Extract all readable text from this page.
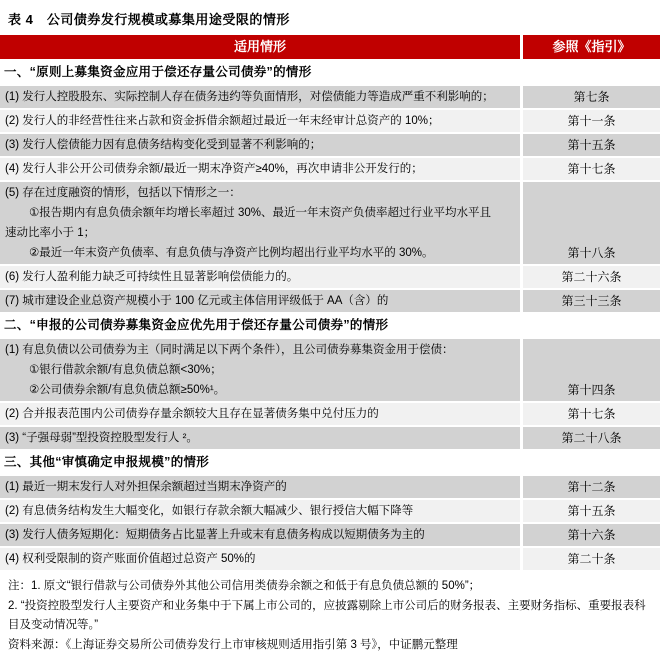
表 4　公司债券发行规模或募集用途受限的情形
适用情形	参照《指引》
一、“原则上募集资金应用于偿还存量公司债券”的情形
(1) 发行人控股股东、实际控制人存在债务违约等负面情形，对偿债能力等造成严重不利影响的；	第七条
(2) 发行人的非经营性往来占款和资金拆借余额超过最近一年末经审计总资产的 10%；	第十一条
(3) 发行人偿债能力因有息债务结构变化受到显著不利影响的；	第十五条
(4) 发行人非公开公司债券余额/最近一期末净资产≥40%，再次申请非公开发行的；	第十七条
(5) 存在过度融资的情形，包括以下情形之一：
①报告期内有息负债余额年均增长率超过 30%、最近一年末资产负债率超过行业平均水平且
速动比率小于 1；
②最近一年末资产负债率、有息负债与净资产比例均超出行业平均水平的 30%。	第十八条
(6) 发行人盈利能力缺乏可持续性且显著影响偿债能力的。	第二十六条
(7) 城市建设企业总资产规模小于 100 亿元或主体信用评级低于 AA（含）的	第三十三条
二、“申报的公司债券募集资金应优先用于偿还存量公司债券”的情形
(1) 有息负债以公司债券为主（同时满足以下两个条件），且公司债券募集资金用于偿债：
①银行借款余额/有息负债总额<30%；
②公司债券余额/有息负债总额≥50%¹。	第十四条
(2) 合并报表范围内公司债券存量余额较大且存在显著债务集中兑付压力的	第十七条
(3) “子强母弱”型投资控股型发行人 ²。	第二十八条
三、其他“审慎确定申报规模”的情形
(1) 最近一期末发行人对外担保余额超过当期末净资产的	第十二条
(2) 有息债务结构发生大幅变化，如银行存款余额大幅减少、银行授信大幅下降等	第十五条
(3) 发行人债务短期化：短期债务占比显著上升或末有息债务构成以短期债务为主的	第十六条
(4) 权利受限制的资产账面价值超过总资产 50%的	第二十条
注：1. 原文“银行借款与公司债券外其他公司信用类债券余额之和低于有息负债总额的 50%”；
2. “投资控股型发行人主要资产和业务集中于下属上市公司的，应披露剔除上市公司后的财务报表、主要财务指标、重要报表科目及变动情况等。”
资料来源：《上海证券交易所公司债券发行上市审核规则适用指引第 3 号》，中证鹏元整理
